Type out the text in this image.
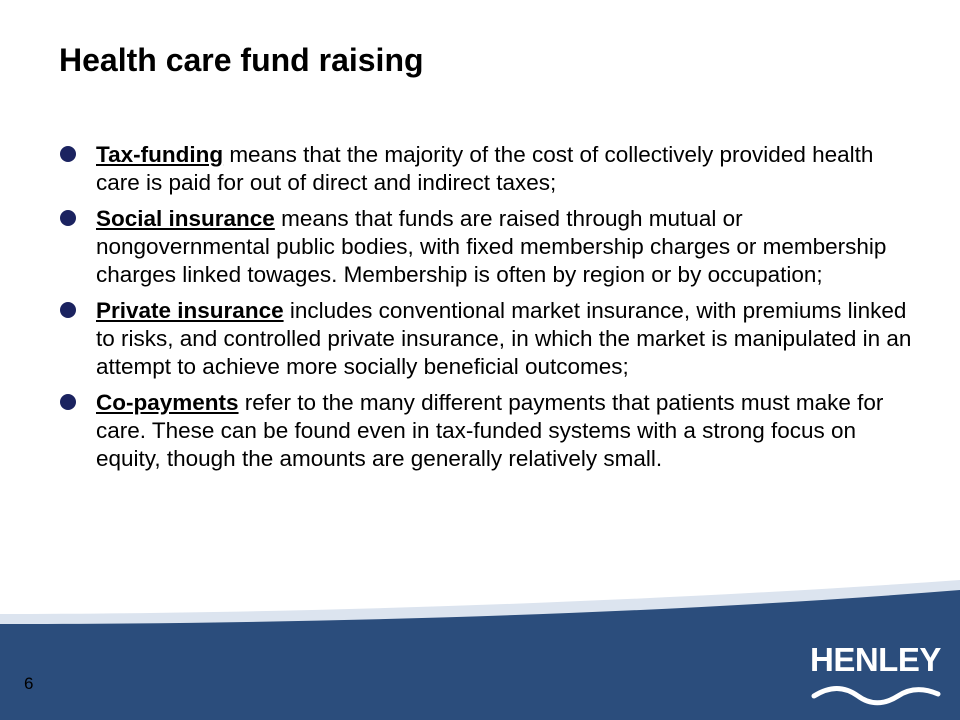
Health care fund raising
Tax-funding means that the majority of the cost of collectively provided health care is paid for out of direct and indirect taxes;
Social insurance means that funds are raised through mutual or nongovernmental public bodies, with fixed membership charges or membership charges linked towages. Membership is often by region or by occupation;
Private insurance includes conventional market insurance, with premiums linked to risks, and controlled private insurance, in which the market is manipulated in an attempt to achieve more socially beneficial outcomes;
Co-payments refer to the many different payments that patients must make for care. These can be found even in tax-funded systems with a strong focus on equity, though the amounts are generally relatively small.
6
HENLEY
